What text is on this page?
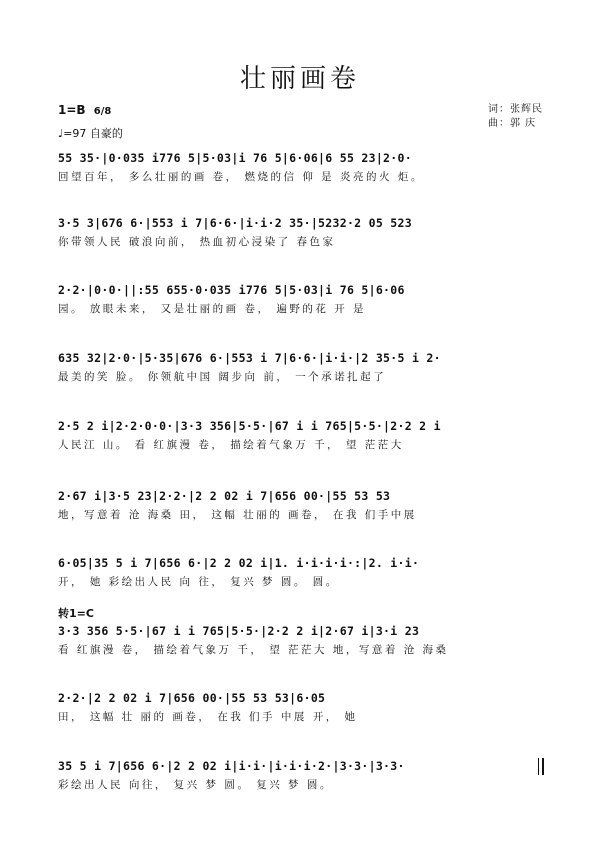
壮丽画卷
1=B 6/8
♩=97 自豪的
词：张辉民
曲：郭 庆
55 35·|0·035 i776 5|5·03|i 76 5|6·06|6 55 23|2·0·
回望百年， 多么壮丽的画 卷， 燃烧的信 仰 是 炎亮的火 炬。
3·5 3|676 6·|553 i 7|6·6·|i·i·2 35·|5232·2 05 523
你带领人民 破浪向前， 热血初心浸染了 春色家
2·2·|0·0·||:55 655·0·035 i776 5|5·03|i 76 5|6·06
园。 放眼未来， 又是壮丽的画 卷， 遍野的花 开 是
635 32|2·0·|5·35|676 6·|553 i 7|6·6·|i·i·|2 35·5 i 2·
最美的笑 脸。 你领航中国 阔步向 前， 一个承诺扎起了
2·5 2 i|2·2·0·0·|3·3 356|5·5·|67 i i 765|5·5·|2·2 2 i
人民江 山。 看 红旗漫 卷， 描绘着气象万 千， 望 茫茫大
2·67 i|3·5 23|2·2·|2 2 02 i 7|656 00·|55 53 53
地，写意着 沧 海桑 田， 这幅 壮丽的 画卷， 在我 们手中展
6·05|35 5 i 7|656 6·|2 2 02 i|1. i·i·i·i·:|2. i·i·
开， 她 彩绘出人民 向 往， 复兴 梦 圆。 圆。
转1=C
3·3 356 5·5·|67 i i 765|5·5·|2·2 2 i|2·67 i|3·i 23
看 红旗漫 卷， 描绘着气象万 千， 望 茫茫大 地，写意着 沧 海桑
2·2·|2 2 02 i 7|656 00·|55 53 53|6·05
田， 这幅 壮 丽的 画卷， 在我 们手 中展 开， 她
35 5 i 7|656 6·|2 2 02 i|i·i·|i·i·i·2·|3·3·|3·3·
彩绘出人民 向往， 复兴 梦 圆。 复兴 梦 圆。
